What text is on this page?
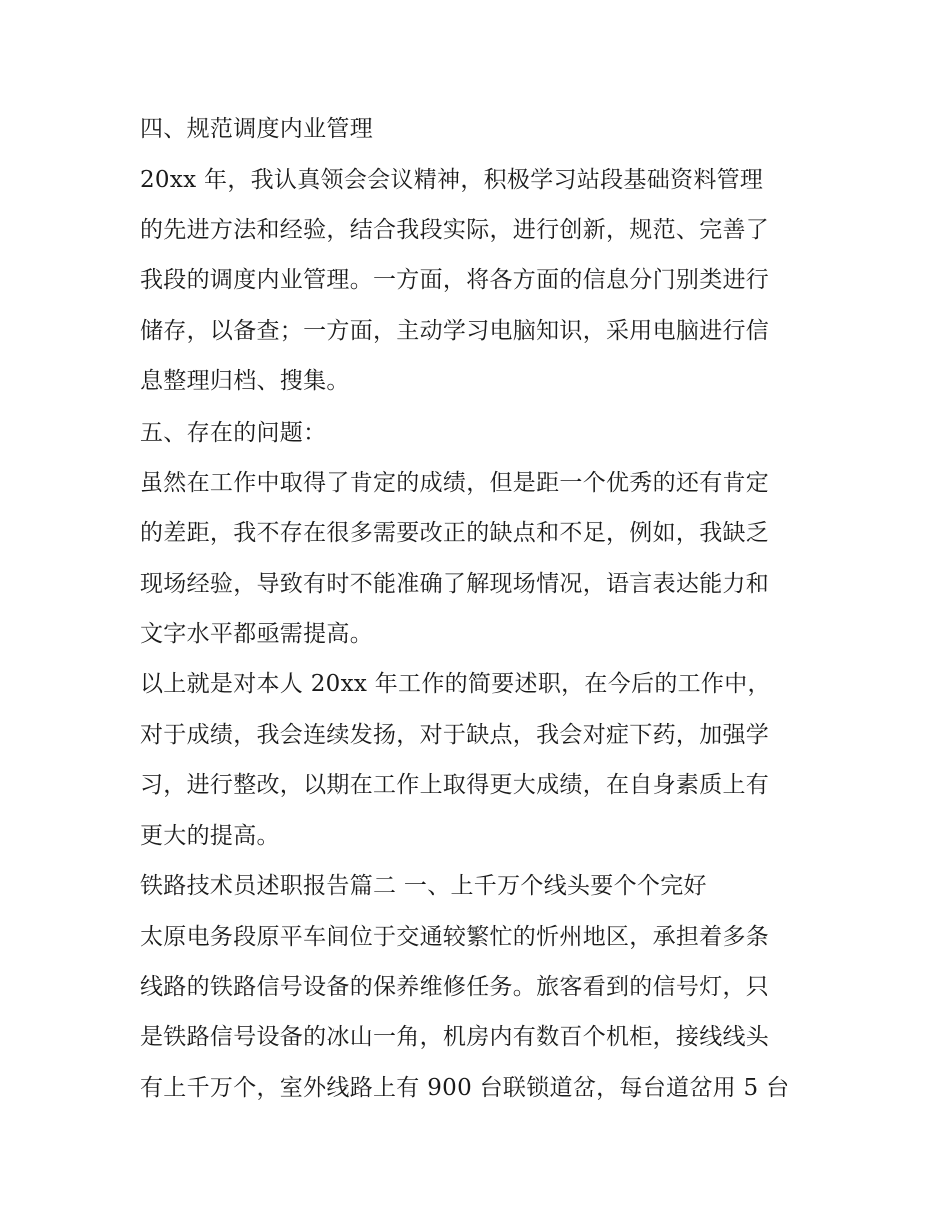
四、规范调度内业管理
20xx 年，我认真领会会议精神，积极学习站段基础资料管理
的先进方法和经验，结合我段实际，进行创新，规范、完善了
我段的调度内业管理。一方面，将各方面的信息分门别类进行
储存，以备查；一方面，主动学习电脑知识，采用电脑进行信
息整理归档、搜集。
五、存在的问题：
虽然在工作中取得了肯定的成绩，但是距一个优秀的还有肯定
的差距，我不存在很多需要改正的缺点和不足，例如，我缺乏
现场经验，导致有时不能准确了解现场情况，语言表达能力和
文字水平都亟需提高。
以上就是对本人 20xx 年工作的简要述职，在今后的工作中，
对于成绩，我会连续发扬，对于缺点，我会对症下药，加强学
习，进行整改，以期在工作上取得更大成绩，在自身素质上有
更大的提高。
铁路技术员述职报告篇二 一、上千万个线头要个个完好
太原电务段原平车间位于交通较繁忙的忻州地区，承担着多条
线路的铁路信号设备的保养维修任务。旅客看到的信号灯，只
是铁路信号设备的冰山一角，机房内有数百个机柜，接线线头
有上千万个，室外线路上有 900 台联锁道岔，每台道岔用 5 台
